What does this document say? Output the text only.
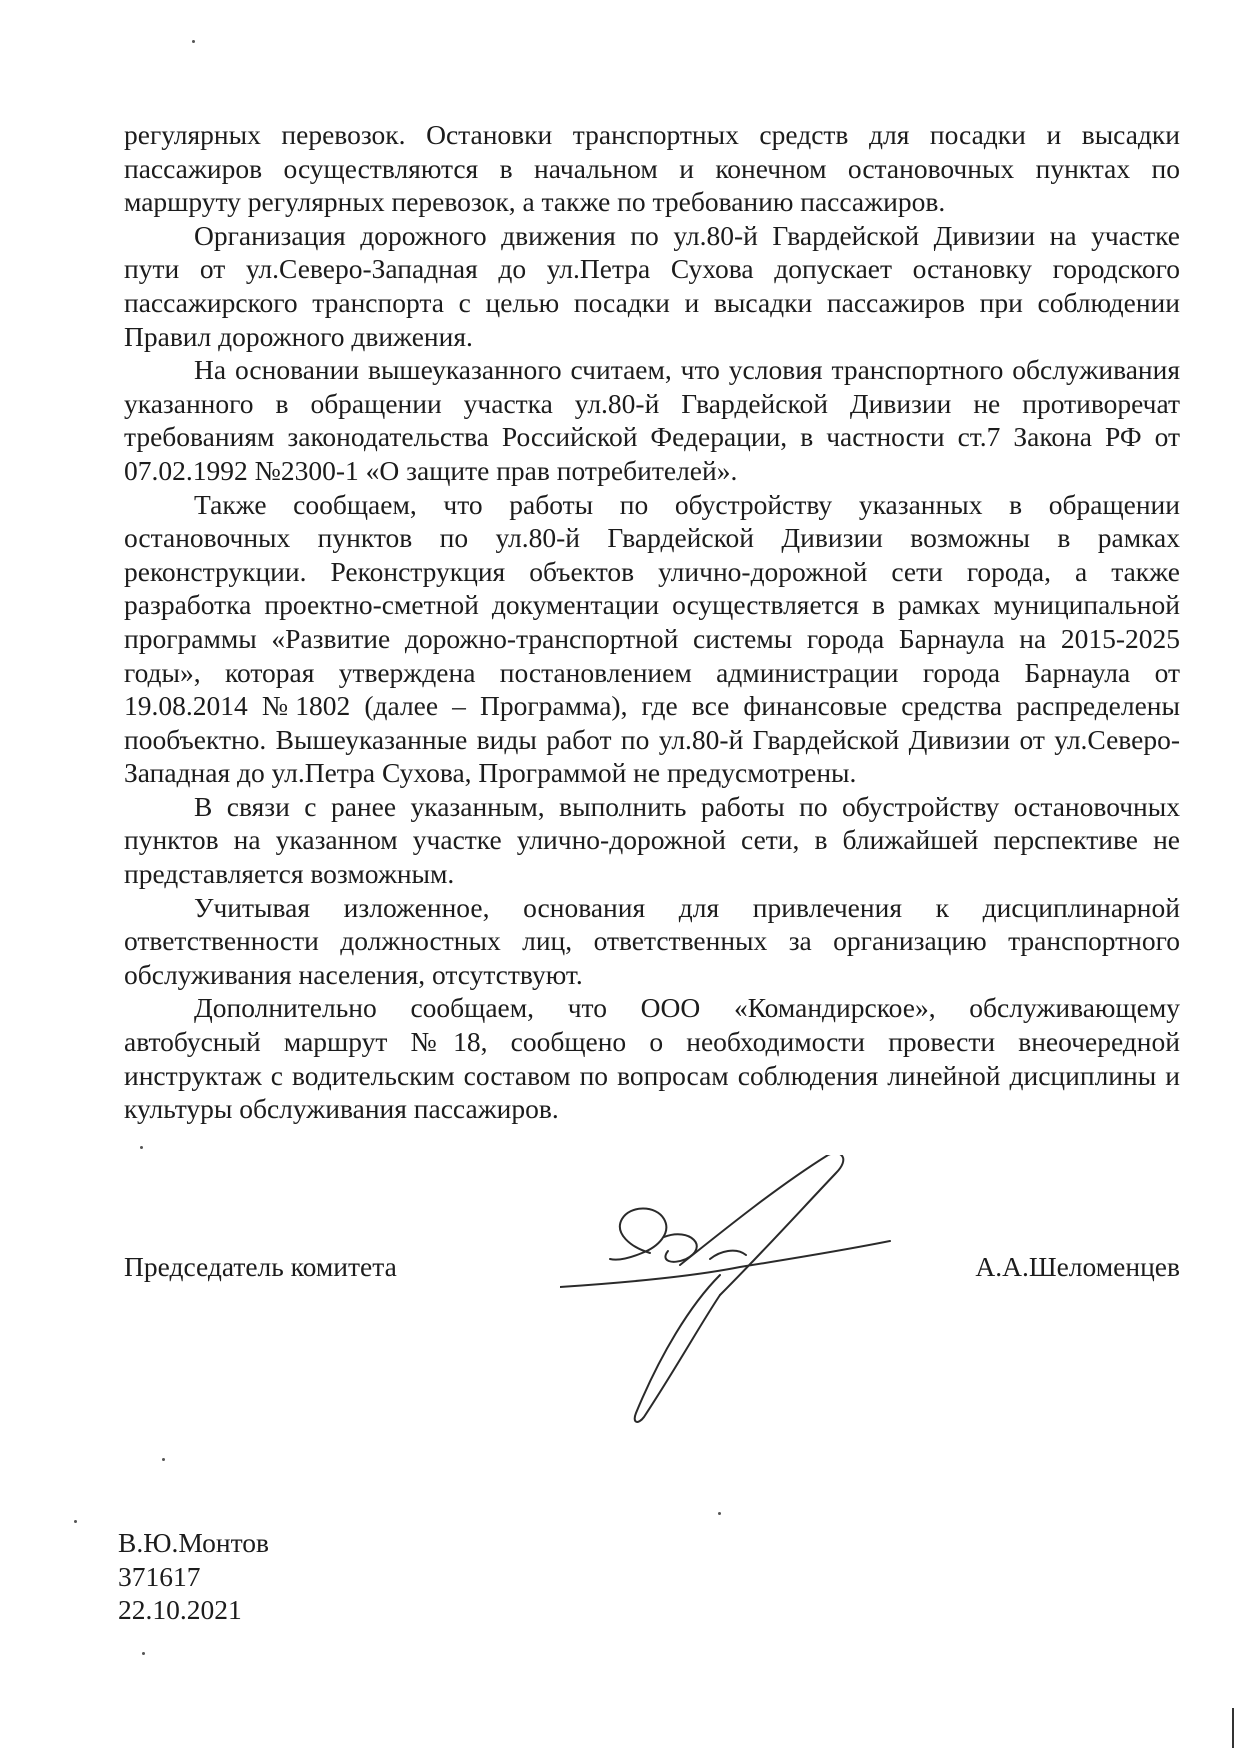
регулярных перевозок. Остановки транспортных средств для посадки и высадки пассажиров осуществляются в начальном и конечном остановочных пунктах по маршруту регулярных перевозок, а также по требованию пассажиров.

Организация дорожного движения по ул.80-й Гвардейской Дивизии на участке пути от ул.Северо-Западная до ул.Петра Сухова допускает остановку городского пассажирского транспорта с целью посадки и высадки пассажиров при соблюдении Правил дорожного движения.

На основании вышеуказанного считаем, что условия транспортного обслуживания указанного в обращении участка ул.80-й Гвардейской Дивизии не противоречат требованиям законодательства Российской Федерации, в частности ст.7 Закона РФ от 07.02.1992 №2300-1 «О защите прав потребителей».

Также сообщаем, что работы по обустройству указанных в обращении остановочных пунктов по ул.80-й Гвардейской Дивизии возможны в рамках реконструкции. Реконструкция объектов улично-дорожной сети города, а также разработка проектно-сметной документации осуществляется в рамках муниципальной программы «Развитие дорожно-транспортной системы города Барнаула на 2015-2025 годы», которая утверждена постановлением администрации города Барнаула от 19.08.2014 №1802 (далее – Программа), где все финансовые средства распределены пообъектно. Вышеуказанные виды работ по ул.80-й Гвардейской Дивизии от ул.Северо-Западная до ул.Петра Сухова, Программой не предусмотрены.

В связи с ранее указанным, выполнить работы по обустройству остановочных пунктов на указанном участке улично-дорожной сети, в ближайшей перспективе не представляется возможным.

Учитывая изложенное, основания для привлечения к дисциплинарной ответственности должностных лиц, ответственных за организацию транспортного обслуживания населения, отсутствуют.

Дополнительно сообщаем, что ООО «Командирское», обслуживающему автобусный маршрут №18, сообщено о необходимости провести внеочередной инструктаж с водительским составом по вопросам соблюдения линейной дисциплины и культуры обслуживания пассажиров.

Председатель комитета	А.А.Шеломенцев
В.Ю.Монтов
371617
22.10.2021
